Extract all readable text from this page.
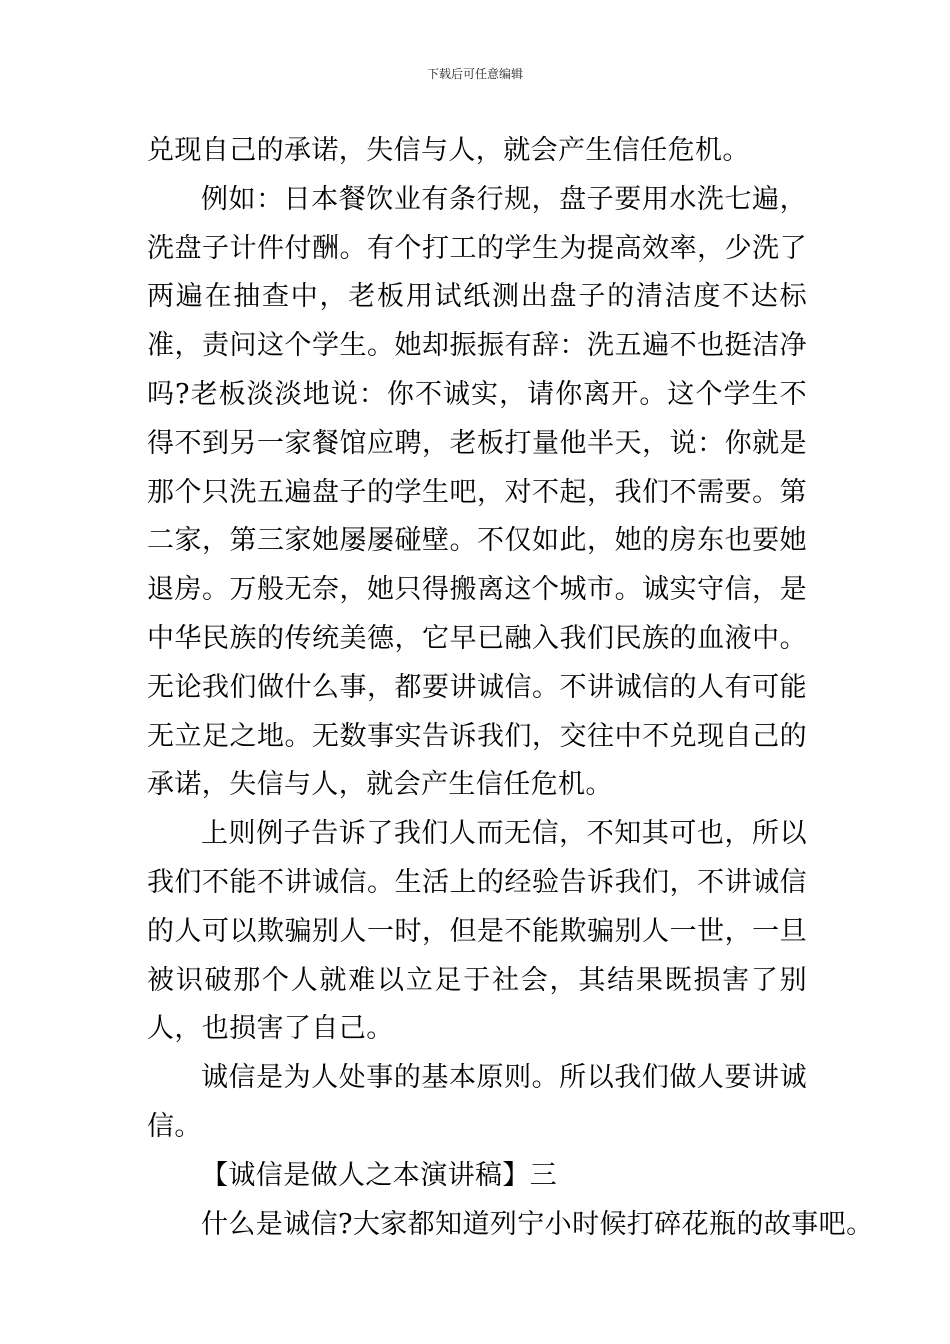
下载后可任意编辑

兑现自己的承诺，失信与人，就会产生信任危机。

例如：日本餐饮业有条行规，盘子要用水洗七遍，洗盘子计件付酬。有个打工的学生为提高效率，少洗了两遍在抽查中，老板用试纸测出盘子的清洁度不达标准，责问这个学生。她却振振有辞：洗五遍不也挺洁净吗?老板淡淡地说：你不诚实，请你离开。这个学生不得不到另一家餐馆应聘，老板打量他半天，说：你就是那个只洗五遍盘子的学生吧，对不起，我们不需要。第二家，第三家她屡屡碰壁。不仅如此，她的房东也要她退房。万般无奈，她只得搬离这个城市。诚实守信，是中华民族的传统美德，它早已融入我们民族的血液中。无论我们做什么事，都要讲诚信。不讲诚信的人有可能无立足之地。无数事实告诉我们，交往中不兑现自己的承诺，失信与人，就会产生信任危机。

上则例子告诉了我们人而无信，不知其可也，所以我们不能不讲诚信。生活上的经验告诉我们，不讲诚信的人可以欺骗别人一时，但是不能欺骗别人一世，一旦被识破那个人就难以立足于社会，其结果既损害了别人，也损害了自己。

诚信是为人处事的基本原则。所以我们做人要讲诚信。

【诚信是做人之本演讲稿】三

什么是诚信?大家都知道列宁小时候打碎花瓶的故事吧。
